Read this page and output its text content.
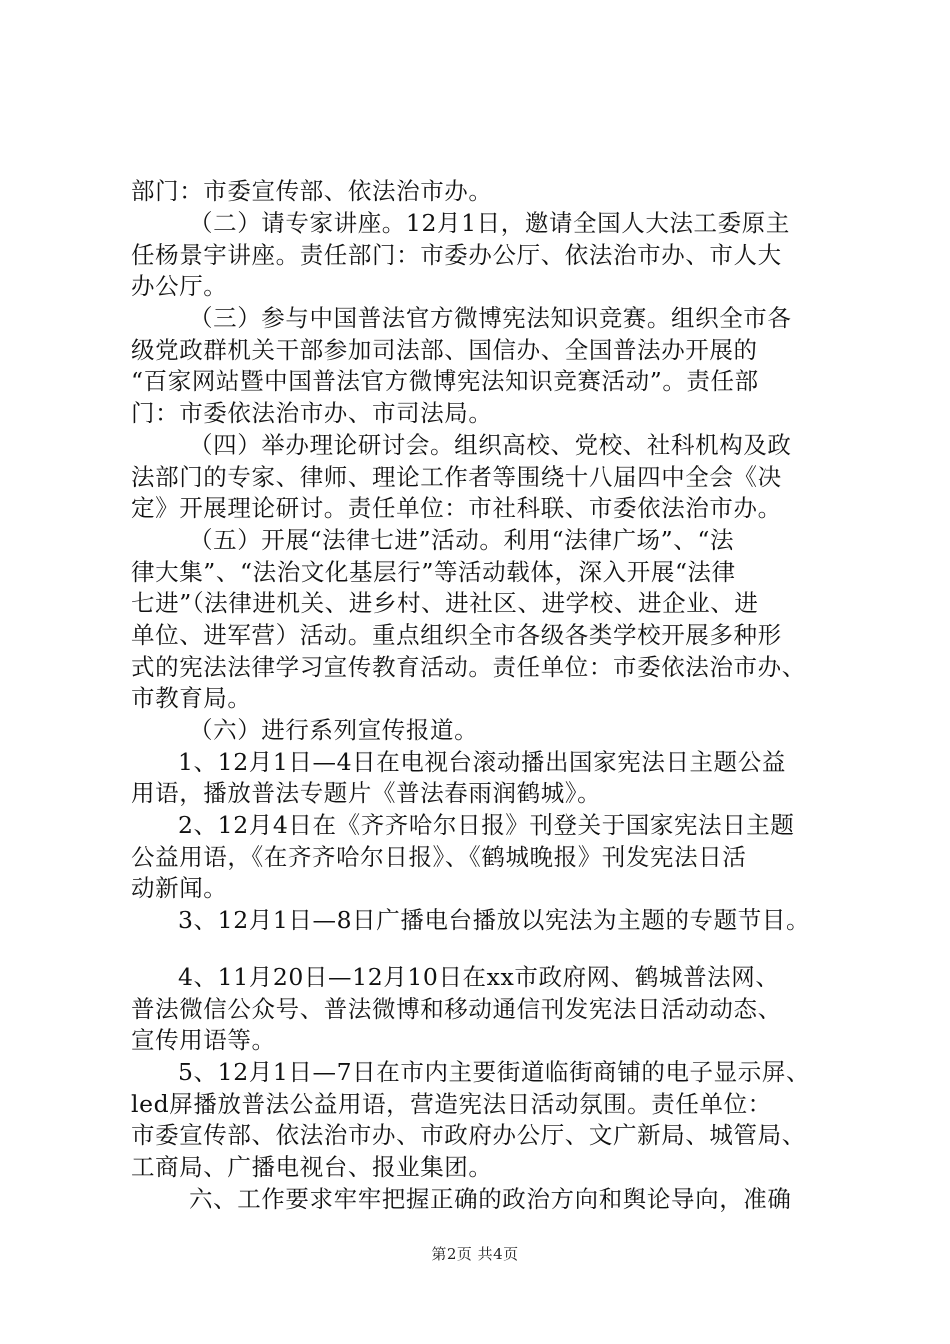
部门：市委宣传部、依法治市办。
（二）请专家讲座。12月1日，邀请全国人大法工委原主
任杨景宇讲座。责任部门：市委办公厅、依法治市办、市人大
办公厅。
（三）参与中国普法官方微博宪法知识竞赛。组织全市各
级党政群机关干部参加司法部、国信办、全国普法办开展的
“百家网站暨中国普法官方微博宪法知识竞赛活动”。责任部
门：市委依法治市办、市司法局。
（四）举办理论研讨会。组织高校、党校、社科机构及政
法部门的专家、律师、理论工作者等围绕十八届四中全会《决
定》开展理论研讨。责任单位：市社科联、市委依法治市办。
（五）开展“法律七进”活动。利用“法律广场”、“法
律大集”、“法治文化基层行”等活动载体，深入开展“法律
七进”（法律进机关、进乡村、进社区、进学校、进企业、进
单位、进军营）活动。重点组织全市各级各类学校开展多种形
式的宪法法律学习宣传教育活动。责任单位：市委依法治市办、
市教育局。
（六）进行系列宣传报道。
1、12月1日—4日在电视台滚动播出国家宪法日主题公益
用语，播放普法专题片《普法春雨润鹤城》。
2、12月4日在《齐齐哈尔日报》刊登关于国家宪法日主题
公益用语，《在齐齐哈尔日报》、《鹤城晚报》刊发宪法日活
动新闻。
3、12月1日—8日广播电台播放以宪法为主题的专题节目。
4、11月20日—12月10日在xx市政府网、鹤城普法网、
普法微信公众号、普法微博和移动通信刊发宪法日活动动态、
宣传用语等。
5、12月1日—7日在市内主要街道临街商铺的电子显示屏、
led屏播放普法公益用语，营造宪法日活动氛围。责任单位：
市委宣传部、依法治市办、市政府办公厅、文广新局、城管局、
工商局、广播电视台、报业集团。
六、工作要求牢牢把握正确的政治方向和舆论导向，准确
第2页 共4页
